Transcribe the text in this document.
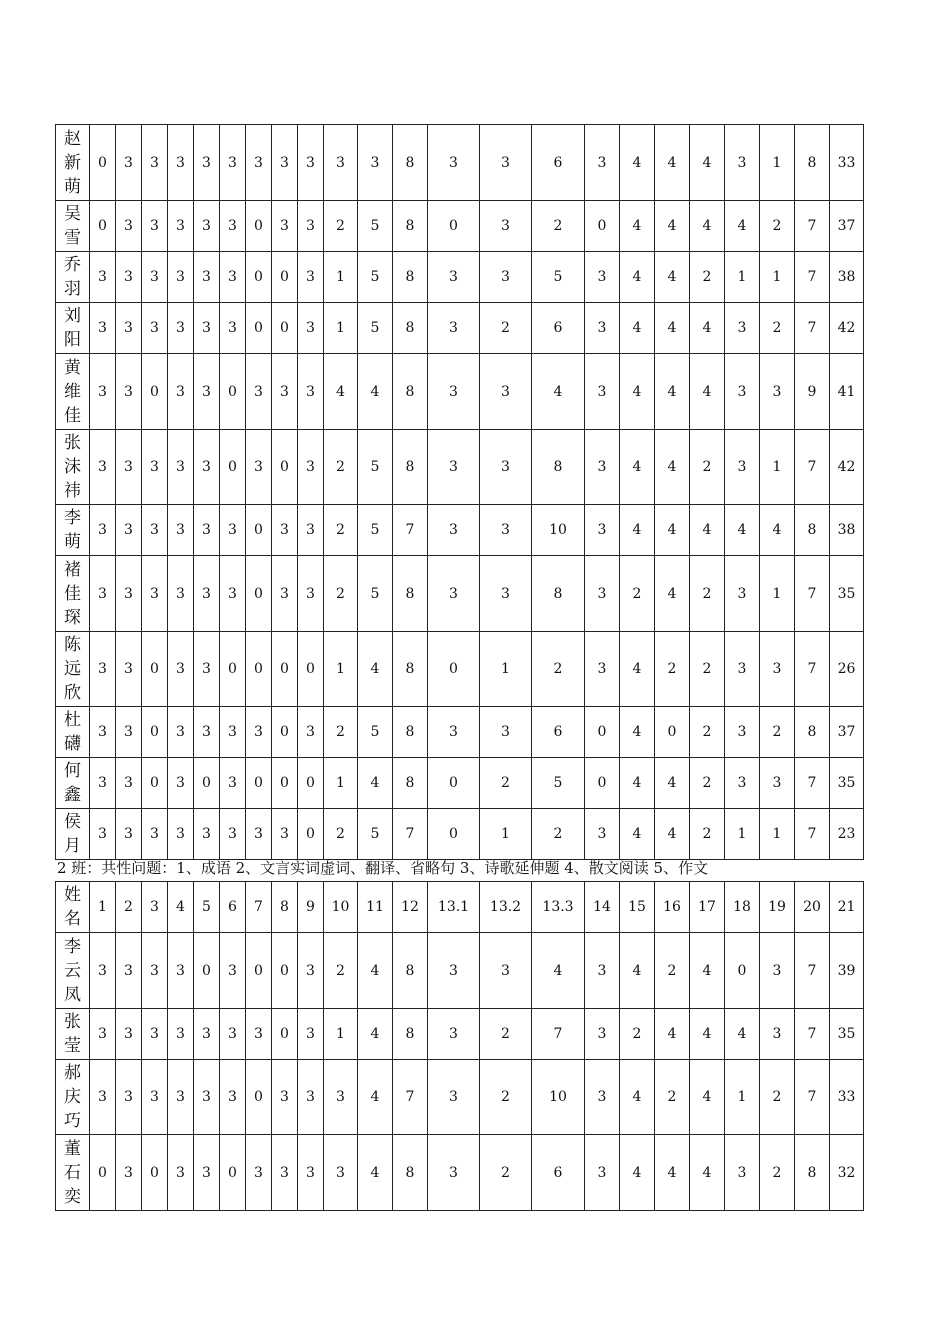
赵新萌	0	3	3	3	3	3	3	3	3	3	3	8	3	3	6	3	4	4	4	3	1	8	33
吴雪	0	3	3	3	3	3	0	3	3	2	5	8	0	3	2	0	4	4	4	4	2	7	37
乔羽	3	3	3	3	3	3	0	0	3	1	5	8	3	3	5	3	4	4	2	1	1	7	38
刘阳	3	3	3	3	3	3	0	0	3	1	5	8	3	2	6	3	4	4	4	3	2	7	42
黄维佳	3	3	0	3	3	0	3	3	3	4	4	8	3	3	4	3	4	4	4	3	3	9	41
张沫祎	3	3	3	3	3	0	3	0	3	2	5	8	3	3	8	3	4	4	2	3	1	7	42
李萌	3	3	3	3	3	3	0	3	3	2	5	7	3	3	10	3	4	4	4	4	4	8	38
褚佳琛	3	3	3	3	3	3	0	3	3	2	5	8	3	3	8	3	2	4	2	3	1	7	35
陈远欣	3	3	0	3	3	0	0	0	0	1	4	8	0	1	2	3	4	2	2	3	3	7	26
杜礴	3	3	0	3	3	3	3	0	3	2	5	8	3	3	6	0	4	0	2	3	2	8	37
何鑫	3	3	0	3	0	3	0	0	0	1	4	8	0	2	5	0	4	4	2	3	3	7	35
侯月	3	3	3	3	3	3	3	3	0	2	5	7	0	1	2	3	4	4	2	1	1	7	23
2 班：共性问题：1、成语 2、文言实词虚词、翻译、省略句 3、诗歌延伸题 4、散文阅读 5、作文
姓名	1	2	3	4	5	6	7	8	9	10	11	12	13.1	13.2	13.3	14	15	16	17	18	19	20	21
李云凤	3	3	3	3	0	3	0	0	3	2	4	8	3	3	4	3	4	2	4	0	3	7	39
张莹	3	3	3	3	3	3	3	0	3	1	4	8	3	2	7	3	2	4	4	4	3	7	35
郝庆巧	3	3	3	3	3	3	0	3	3	3	4	7	3	2	10	3	4	2	4	1	2	7	33
董石奕	0	3	0	3	3	0	3	3	3	3	4	8	3	2	6	3	4	4	4	3	2	8	32
